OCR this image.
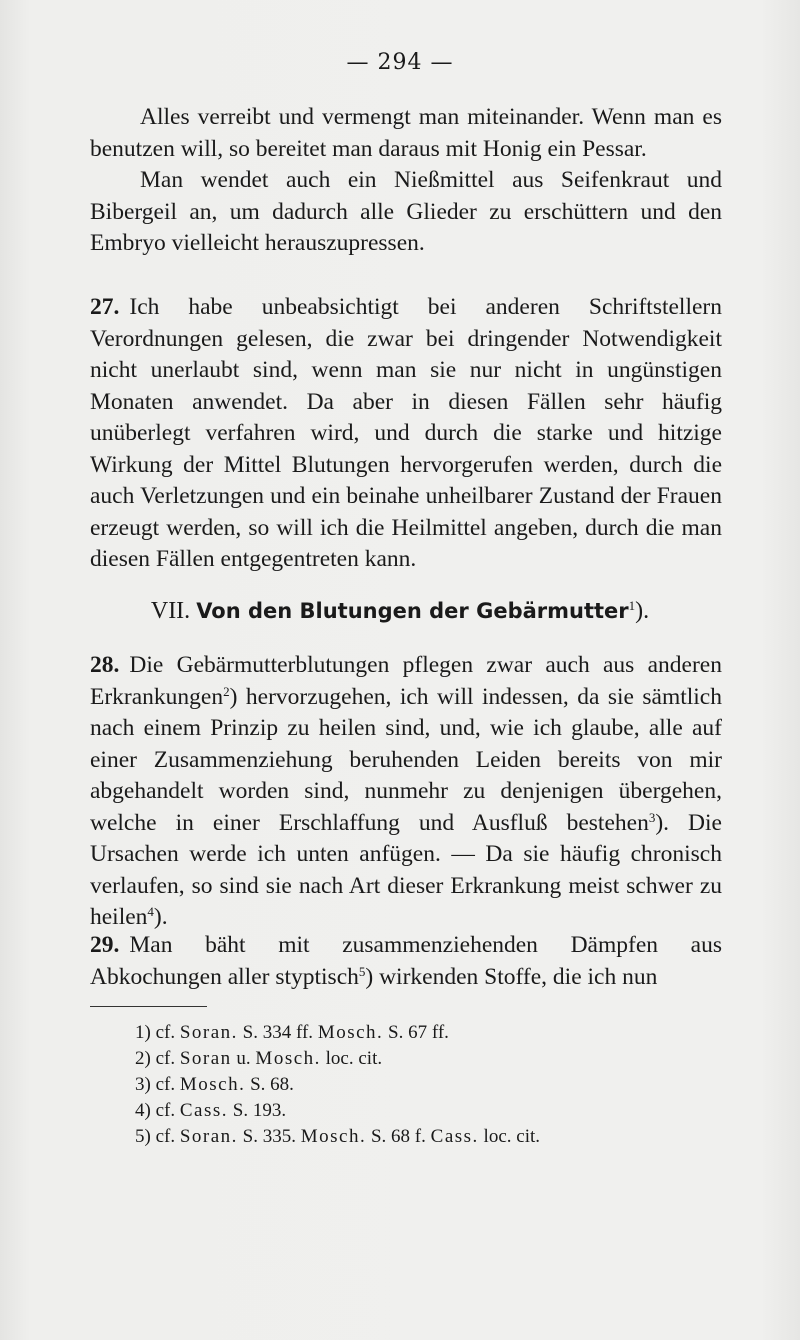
— 294 —

Alles verreibt und vermengt man miteinander. Wenn man es benutzen will, so bereitet man daraus mit Honig ein Pessar.

Man wendet auch ein Nießmittel aus Seifenkraut und Bibergeil an, um dadurch alle Glieder zu erschüttern und den Embryo vielleicht herauszupressen.

27. Ich habe unbeabsichtigt bei anderen Schriftstellern Verordnungen gelesen, die zwar bei dringender Notwendigkeit nicht unerlaubt sind, wenn man sie nur nicht in ungünstigen Monaten anwendet. Da aber in diesen Fällen sehr häufig unüberlegt verfahren wird, und durch die starke und hitzige Wirkung der Mittel Blutungen hervorgerufen werden, durch die auch Verletzungen und ein beinahe unheilbarer Zustand der Frauen erzeugt werden, so will ich die Heilmittel angeben, durch die man diesen Fällen entgegentreten kann.

VII. Von den Blutungen der Gebärmutter$^1$).

28. Die Gebärmutterblutungen pflegen zwar auch aus anderen Erkrankungen$^2$) hervorzugehen, ich will indessen, da sie sämtlich nach einem Prinzip zu heilen sind, und, wie ich glaube, alle auf einer Zusammenziehung beruhenden Leiden bereits von mir abgehandelt worden sind, nunmehr zu denjenigen übergehen, welche in einer Erschlaffung und Ausfluß bestehen$^3$). Die Ursachen werde ich unten anfügen. — Da sie häufig chronisch verlaufen, so sind sie nach Art dieser Erkrankung meist schwer zu heilen$^4$).

29. Man bäht mit zusammenziehenden Dämpfen aus Abkochungen aller styptisch$^5$) wirkenden Stoffe, die ich nun

1) cf. Soran. S. 334 ff. Mosch. S. 67 ff.
2) cf. Soran u. Mosch. loc. cit.
3) cf. Mosch. S. 68.
4) cf. Cass. S. 193.
5) cf. Soran. S. 335. Mosch. S. 68 f. Cass. loc. cit.
